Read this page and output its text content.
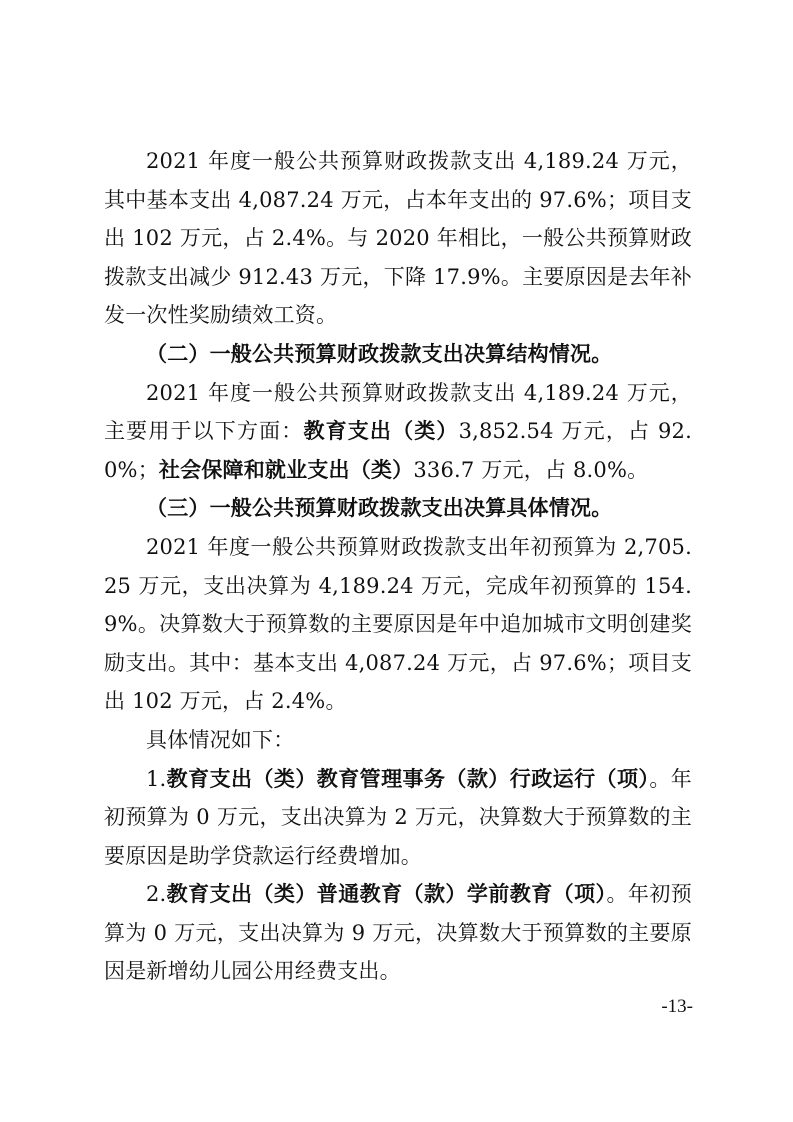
2021 年度一般公共预算财政拨款支出 4,189.24 万元，其中基本支出 4,087.24 万元，占本年支出的 97.6%；项目支出 102 万元，占 2.4%。与 2020 年相比，一般公共预算财政拨款支出减少 912.43 万元，下降 17.9%。主要原因是去年补发一次性奖励绩效工资。

（二）一般公共预算财政拨款支出决算结构情况。

2021 年度一般公共预算财政拨款支出 4,189.24 万元，主要用于以下方面：教育支出（类）3,852.54 万元，占 92.0%；社会保障和就业支出（类）336.7 万元，占 8.0%。

（三）一般公共预算财政拨款支出决算具体情况。

2021 年度一般公共预算财政拨款支出年初预算为 2,705.25 万元，支出决算为 4,189.24 万元，完成年初预算的 154.9%。决算数大于预算数的主要原因是年中追加城市文明创建奖励支出。其中：基本支出 4,087.24 万元，占 97.6%；项目支出 102 万元，占 2.4%。

具体情况如下：

1.教育支出（类）教育管理事务（款）行政运行（项）。年初预算为 0 万元，支出决算为 2 万元，决算数大于预算数的主要原因是助学贷款运行经费增加。

2.教育支出（类）普通教育（款）学前教育（项）。年初预算为 0 万元，支出决算为 9 万元，决算数大于预算数的主要原因是新增幼儿园公用经费支出。

-13-
